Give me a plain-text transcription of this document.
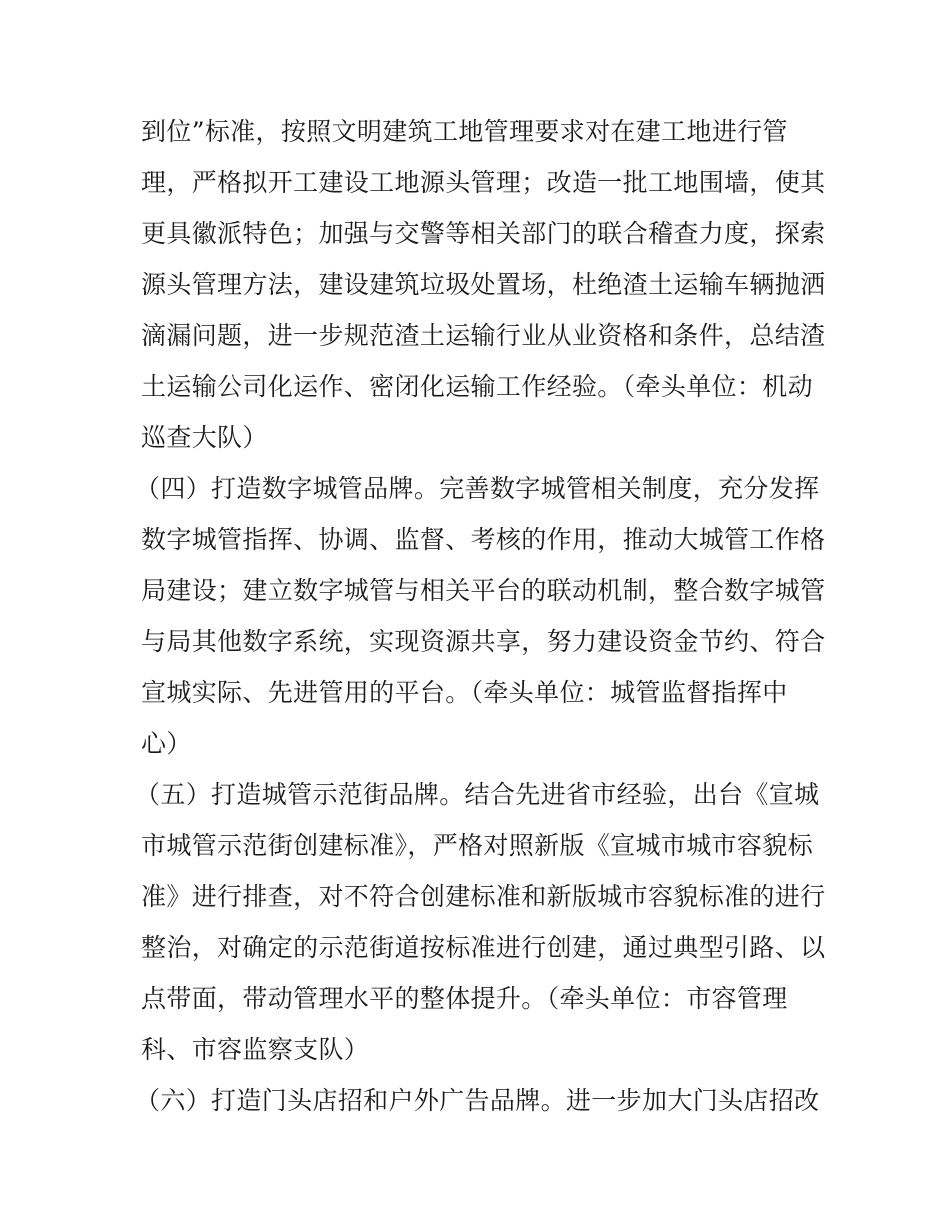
到位”标准，按照文明建筑工地管理要求对在建工地进行管
理，严格拟开工建设工地源头管理；改造一批工地围墙，使其
更具徽派特色；加强与交警等相关部门的联合稽查力度，探索
源头管理方法，建设建筑垃圾处置场，杜绝渣土运输车辆抛洒
滴漏问题，进一步规范渣土运输行业从业资格和条件，总结渣
土运输公司化运作、密闭化运输工作经验。（牵头单位：机动
巡查大队）
（四）打造数字城管品牌。完善数字城管相关制度，充分发挥
数字城管指挥、协调、监督、考核的作用，推动大城管工作格
局建设；建立数字城管与相关平台的联动机制，整合数字城管
与局其他数字系统，实现资源共享，努力建设资金节约、符合
宣城实际、先进管用的平台。（牵头单位：城管监督指挥中
心）
（五）打造城管示范街品牌。结合先进省市经验，出台《宣城
市城管示范街创建标准》，严格对照新版《宣城市城市容貌标
准》进行排查，对不符合创建标准和新版城市容貌标准的进行
整治，对确定的示范街道按标准进行创建，通过典型引路、以
点带面，带动管理水平的整体提升。（牵头单位：市容管理
科、市容监察支队）
（六）打造门头店招和户外广告品牌。进一步加大门头店招改
